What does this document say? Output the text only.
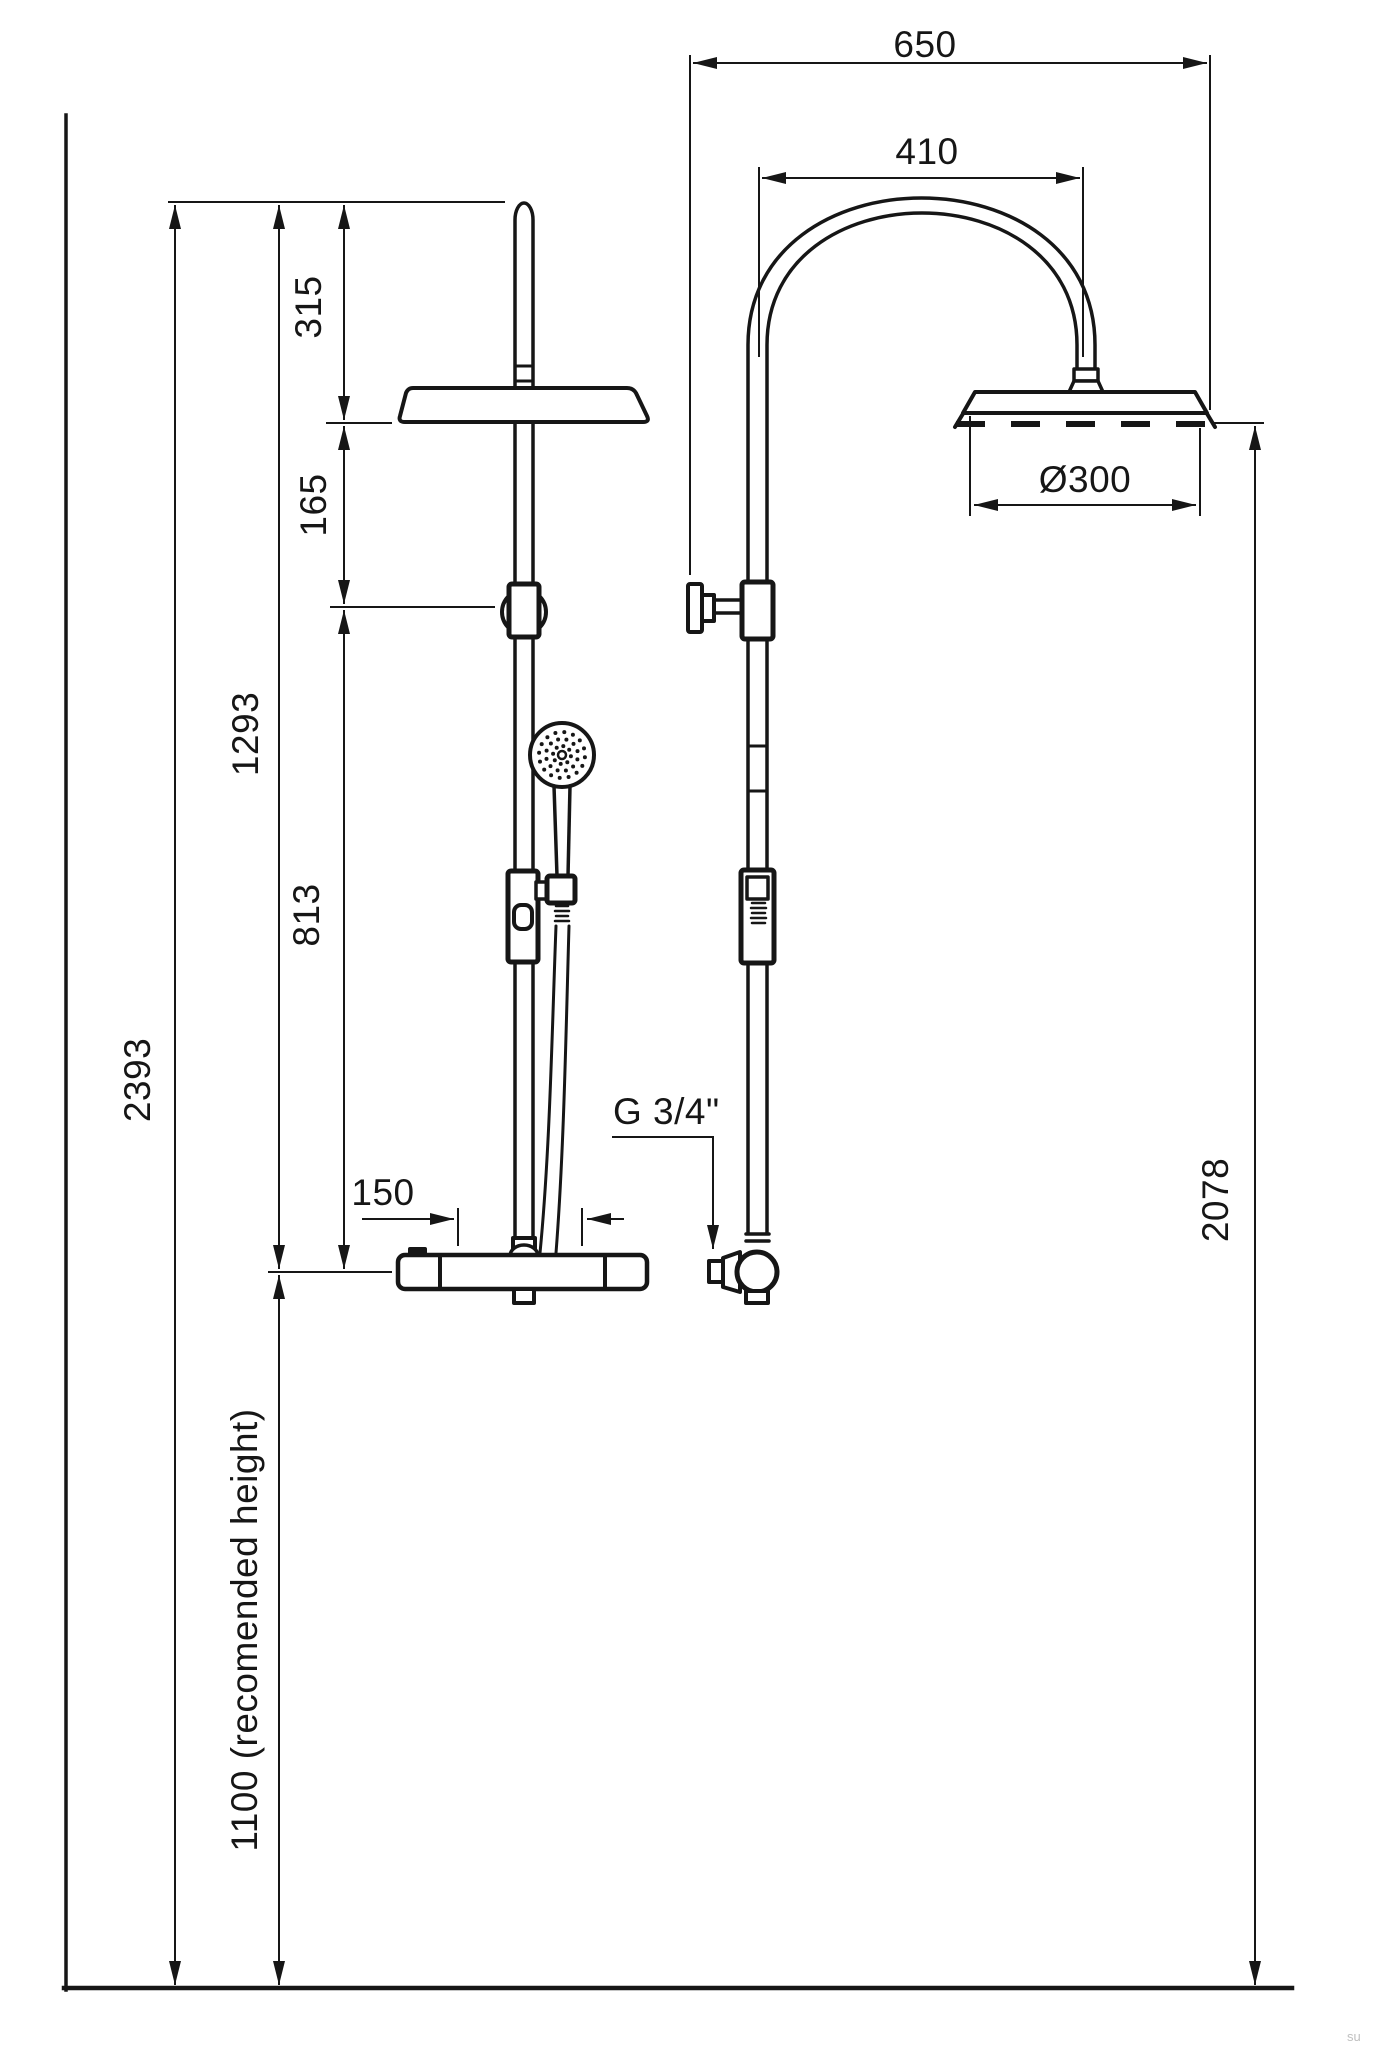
650
410
Ø300
150
G 3/4"
315
165
813
1293
2393
1100 (recomended height)
2078
su
